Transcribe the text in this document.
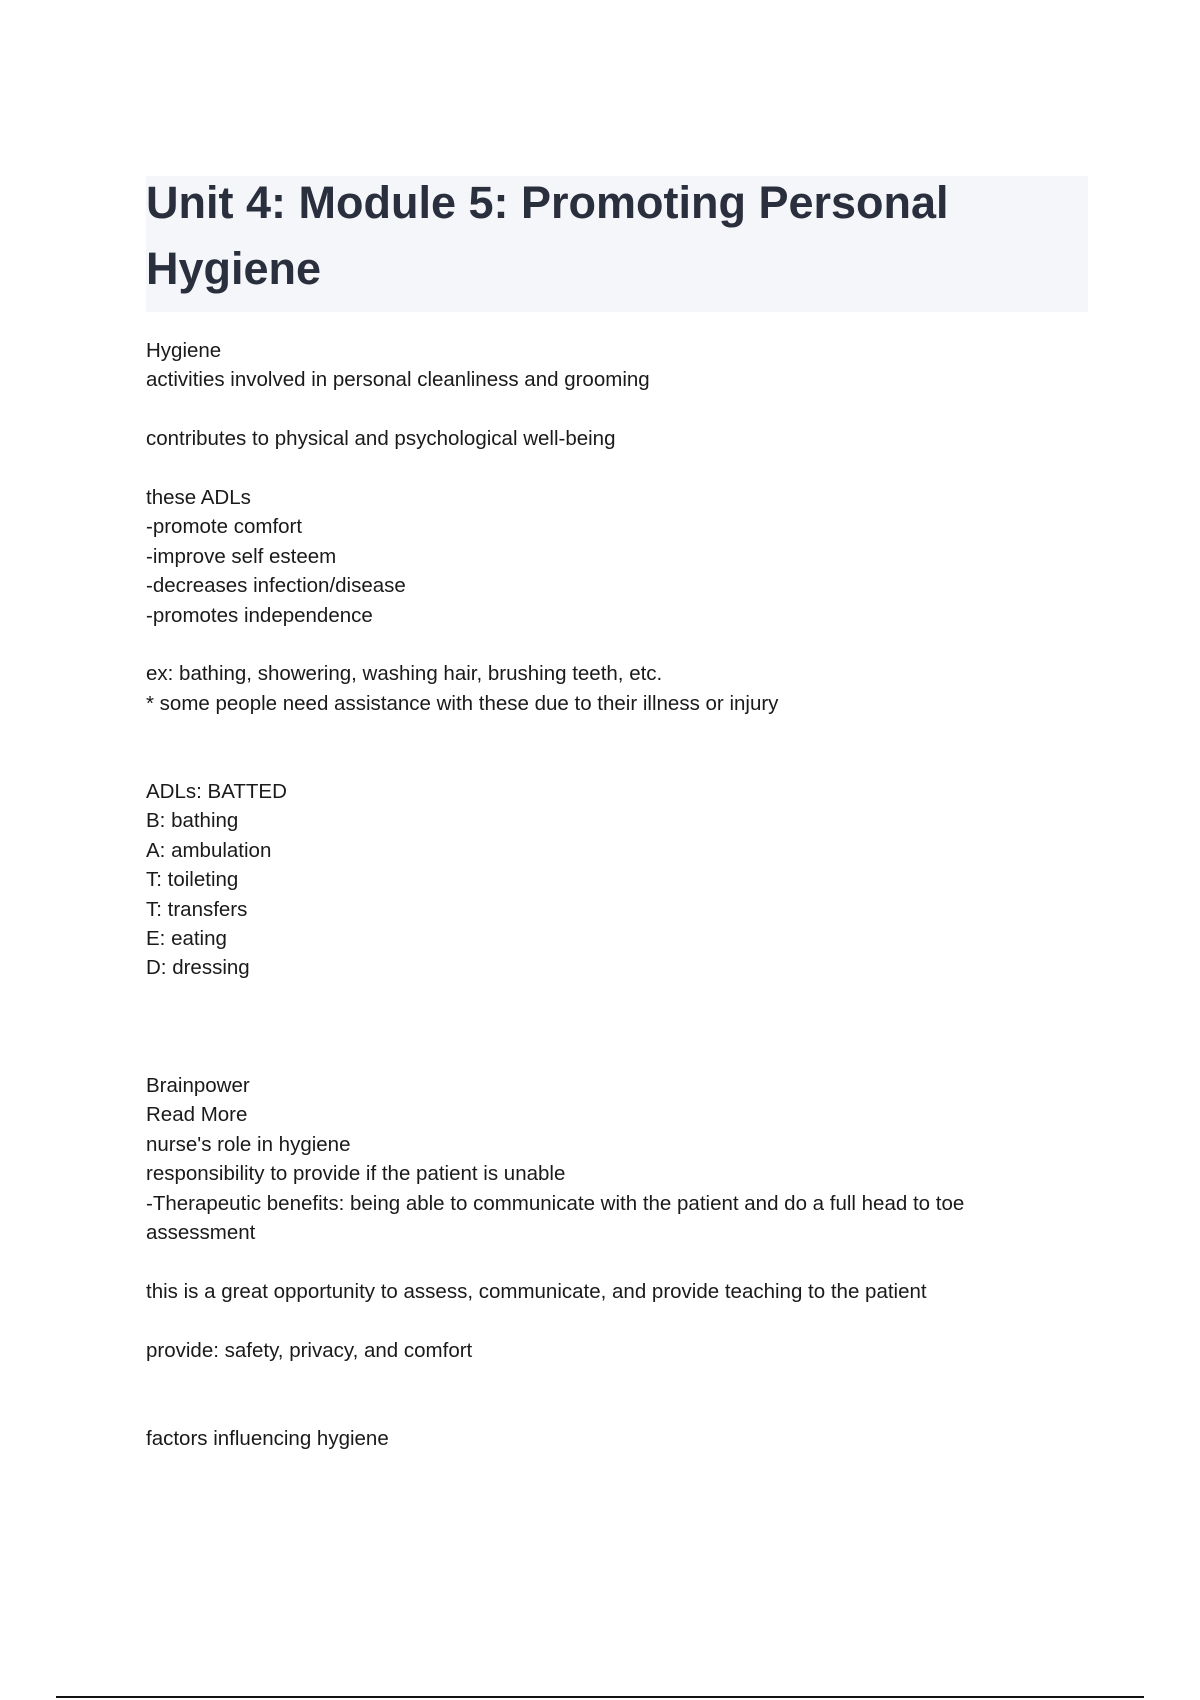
Unit 4: Module 5: Promoting Personal Hygiene
Hygiene
activities involved in personal cleanliness and grooming
contributes to physical and psychological well-being
these ADLs
-promote comfort
-improve self esteem
-decreases infection/disease
-promotes independence
ex: bathing, showering, washing hair, brushing teeth, etc.
* some people need assistance with these due to their illness or injury
ADLs: BATTED
B: bathing
A: ambulation
T: toileting
T: transfers
E: eating
D: dressing
Brainpower
Read More
nurse's role in hygiene
responsibility to provide if the patient is unable
-Therapeutic benefits: being able to communicate with the patient and do a full head to toe assessment
this is a great opportunity to assess, communicate, and provide teaching to the patient
provide: safety, privacy, and comfort
factors influencing hygiene
